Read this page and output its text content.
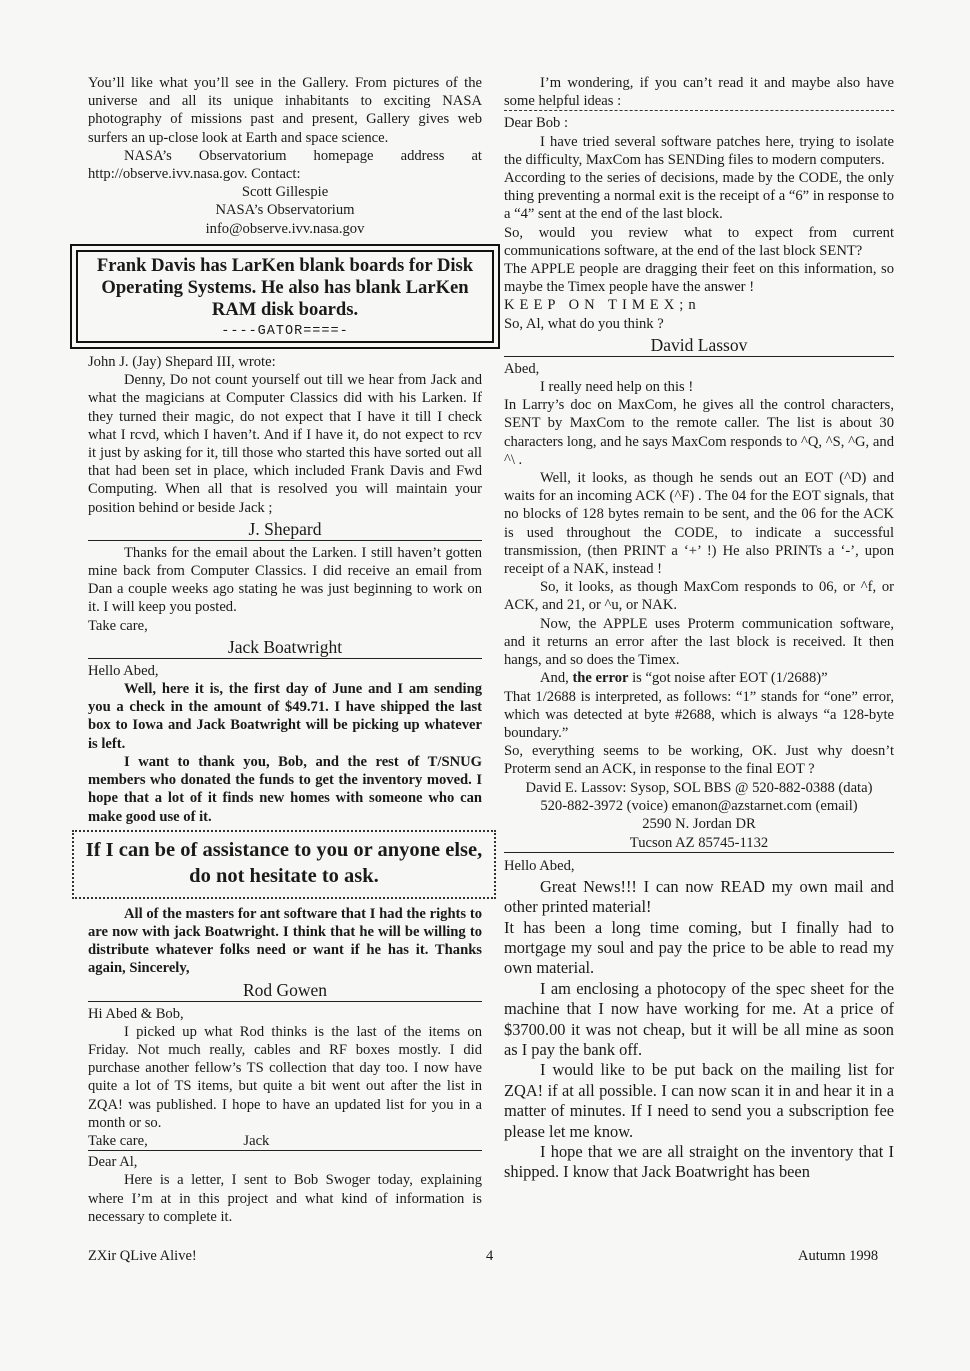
You’ll like what you’ll see in the Gallery. From pictures of the universe and all its unique inhabitants to exciting NASA photography of missions past and present, Gallery gives web surfers an up-close look at Earth and space science.

NASA’s Observatorium homepage address at http://observe.ivv.nasa.gov. Contact:

Scott Gillespie

NASA’s Observatorium

info@observe.ivv.nasa.gov

Frank Davis has LarKen blank boards for Disk Operating Systems. He also has blank LarKen RAM disk boards.
----GATOR====-

John J. (Jay) Shepard III, wrote:

Denny, Do not count yourself out till we hear from Jack and what the magicians at Computer Classics did with his Larken. If they turned their magic, do not expect that I have it till I check what I rcvd, which I haven’t. And if I have it, do not expect to rcv it just by asking for it, till those who started this have sorted out all that had been set in place, which included Frank Davis and Fwd Computing. When all that is resolved you will maintain your position behind or beside Jack ;

J. Shepard

Thanks for the email about the Larken. I still haven’t gotten mine back from Computer Classics. I did receive an email from Dan a couple weeks ago stating he was just beginning to work on it. I will keep you posted.

Take care,

Jack Boatwright

Hello Abed,

Well, here it is, the first day of June and I am sending you a check in the amount of $49.71. I have shipped the last box to Iowa and Jack Boatwright will be picking up whatever is left.

I want to thank you, Bob, and the rest of T/SNUG members who donated the funds to get the inventory moved. I hope that a lot of it finds new homes with someone who can make good use of it.

If I can be of assistance to you or anyone else, do not hesitate to ask.

All of the masters for ant software that I had the rights to are now with jack Boatwright. I think that he will be willing to distribute whatever folks need or want if he has it. Thanks again, Sincerely,

Rod Gowen

Hi Abed & Bob,

I picked up what Rod thinks is the last of the items on Friday. Not much really, cables and RF boxes mostly. I did purchase another fellow’s TS collection that day too. I now have quite a lot of TS items, but quite a bit went out after the list in ZQA! was published. I hope to have an updated list for you in a month or so.

Take care,	Jack

Dear Al,

Here is a letter, I sent to Bob Swoger today, explaining where I’m at in this project and what kind of information is necessary to complete it.

I’m wondering, if you can’t read it and maybe also have some helpful ideas :

Dear Bob :

I have tried several software patches here, trying to isolate the difficulty, MaxCom has SENDing files to modern computers.

According to the series of decisions, made by the CODE, the only thing preventing a normal exit is the receipt of a “6” in response to a “4” sent at the end of the last block.

So, would you review what to expect from current communications software, at the end of the last block SENT?

The APPLE people are dragging their feet on this information, so maybe the Timex people have the answer !

KEEP ON TIMEX;n

So, Al, what do you think ?

David Lassov

Abed,

I really need help on this !

In Larry’s doc on MaxCom, he gives all the control characters, SENT by MaxCom to the remote caller. The list is about 30 characters long, and he says MaxCom responds to ^Q, ^S, ^G, and ^\ .

Well, it looks, as though he sends out an EOT (^D) and waits for an incoming ACK (^F) . The 04 for the EOT signals, that no blocks of 128 bytes remain to be sent, and the 06 for the ACK is used throughout the CODE, to indicate a successful transmission, (then PRINT a ‘+’ !) He also PRINTs a ‘-’, upon receipt of a NAK, instead !

So, it looks, as though MaxCom responds to 06, or ^f, or ACK, and 21, or ^u, or NAK.

Now, the APPLE uses Proterm communication software, and it returns an error after the last block is received. It then hangs, and so does the Timex.

And, the error is “got noise after EOT (1/2688)”

That 1/2688 is interpreted, as follows: “1” stands for “one” error, which was detected at byte #2688, which is always “a 128-byte boundary.”

So, everything seems to be working, OK. Just why doesn’t Proterm send an ACK, in response to the final EOT ?

David E. Lassov: Sysop, SOL BBS @ 520-882-0388 (data)

520-882-3972 (voice) emanon@azstarnet.com (email)

2590 N. Jordan DR

Tucson AZ 85745-1132

Hello Abed,

Great News!!! I can now READ my own mail and other printed material!

It has been a long time coming, but I finally had to mortgage my soul and pay the price to be able to read my own material.

I am enclosing a photocopy of the spec sheet for the machine that I now have working for me. At a price of $3700.00 it was not cheap, but it will be all mine as soon as I pay the bank off.

I would like to be put back on the mailing list for ZQA! if at all possible. I can now scan it in and hear it in a matter of minutes. If I need to send you a subscription fee please let me know.

I hope that we are all straight on the inventory that I shipped. I know that Jack Boatwright has been

ZXir QLive Alive!	4	Autumn 1998
